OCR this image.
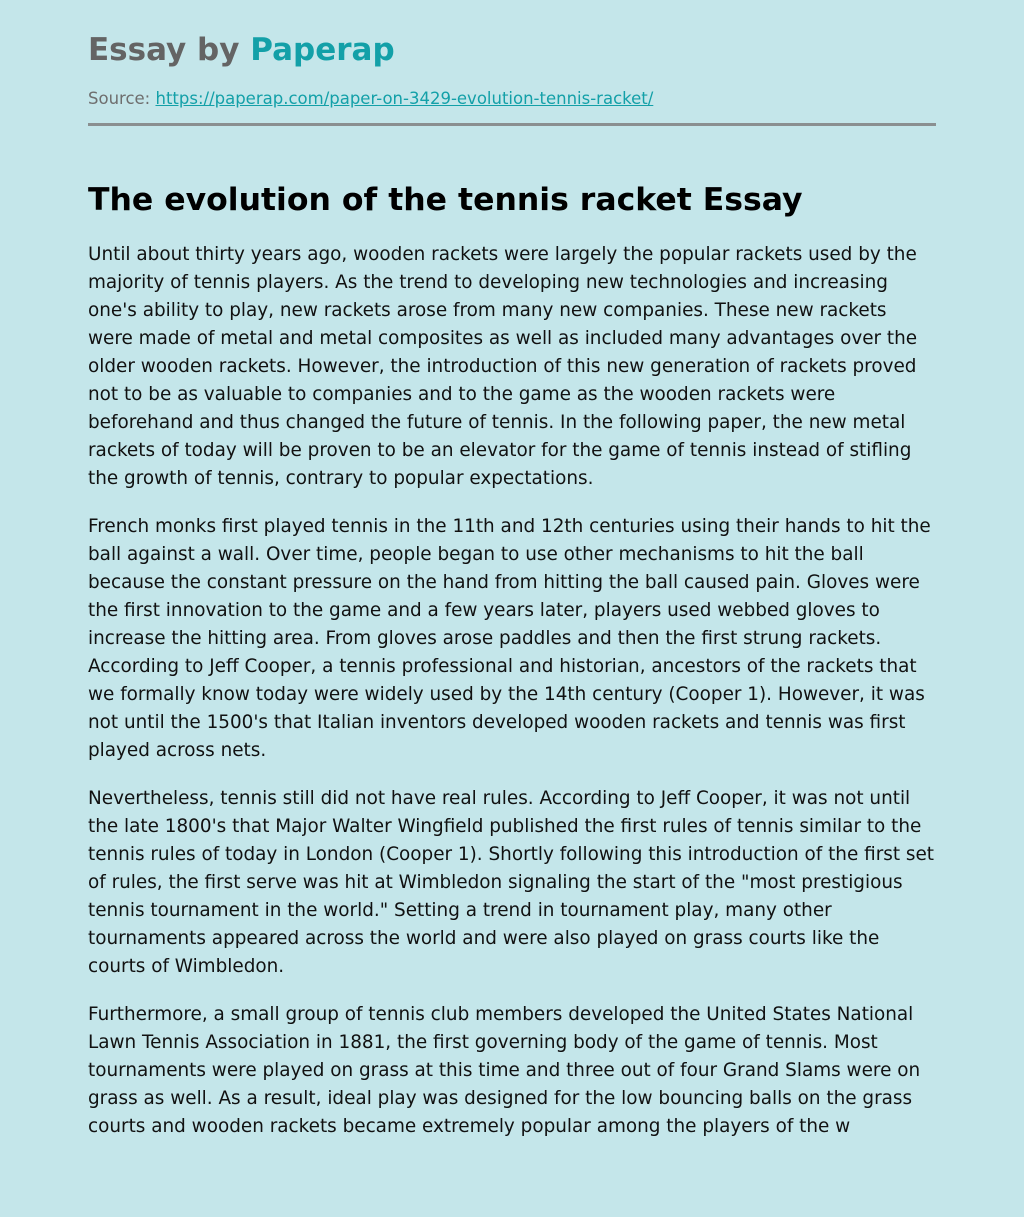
Essay by Paperap
Source: https://paperap.com/paper-on-3429-evolution-tennis-racket/
The evolution of the tennis racket Essay

Until about thirty years ago, wooden rackets were largely the popular rackets used by the majority of tennis players. As the trend to developing new technologies and increasing one's ability to play, new rackets arose from many new companies. These new rackets were made of metal and metal composites as well as included many advantages over the older wooden rackets. However, the introduction of this new generation of rackets proved not to be as valuable to companies and to the game as the wooden rackets were beforehand and thus changed the future of tennis. In the following paper, the new metal rackets of today will be proven to be an elevator for the game of tennis instead of stifling the growth of tennis, contrary to popular expectations.

French monks first played tennis in the 11th and 12th centuries using their hands to hit the ball against a wall. Over time, people began to use other mechanisms to hit the ball because the constant pressure on the hand from hitting the ball caused pain. Gloves were the first innovation to the game and a few years later, players used webbed gloves to increase the hitting area. From gloves arose paddles and then the first strung rackets. According to Jeff Cooper, a tennis professional and historian, ancestors of the rackets that we formally know today were widely used by the 14th century (Cooper 1). However, it was not until the 1500's that Italian inventors developed wooden rackets and tennis was first played across nets.

Nevertheless, tennis still did not have real rules. According to Jeff Cooper, it was not until the late 1800's that Major Walter Wingfield published the first rules of tennis similar to the tennis rules of today in London (Cooper 1). Shortly following this introduction of the first set of rules, the first serve was hit at Wimbledon signaling the start of the "most prestigious tennis tournament in the world." Setting a trend in tournament play, many other tournaments appeared across the world and were also played on grass courts like the courts of Wimbledon.

Furthermore, a small group of tennis club members developed the United States National Lawn Tennis Association in 1881, the first governing body of the game of tennis. Most tournaments were played on grass at this time and three out of four Grand Slams were on grass as well. As a result, ideal play was designed for the low bouncing balls on the grass courts and wooden rackets became extremely popular among the players of the w
